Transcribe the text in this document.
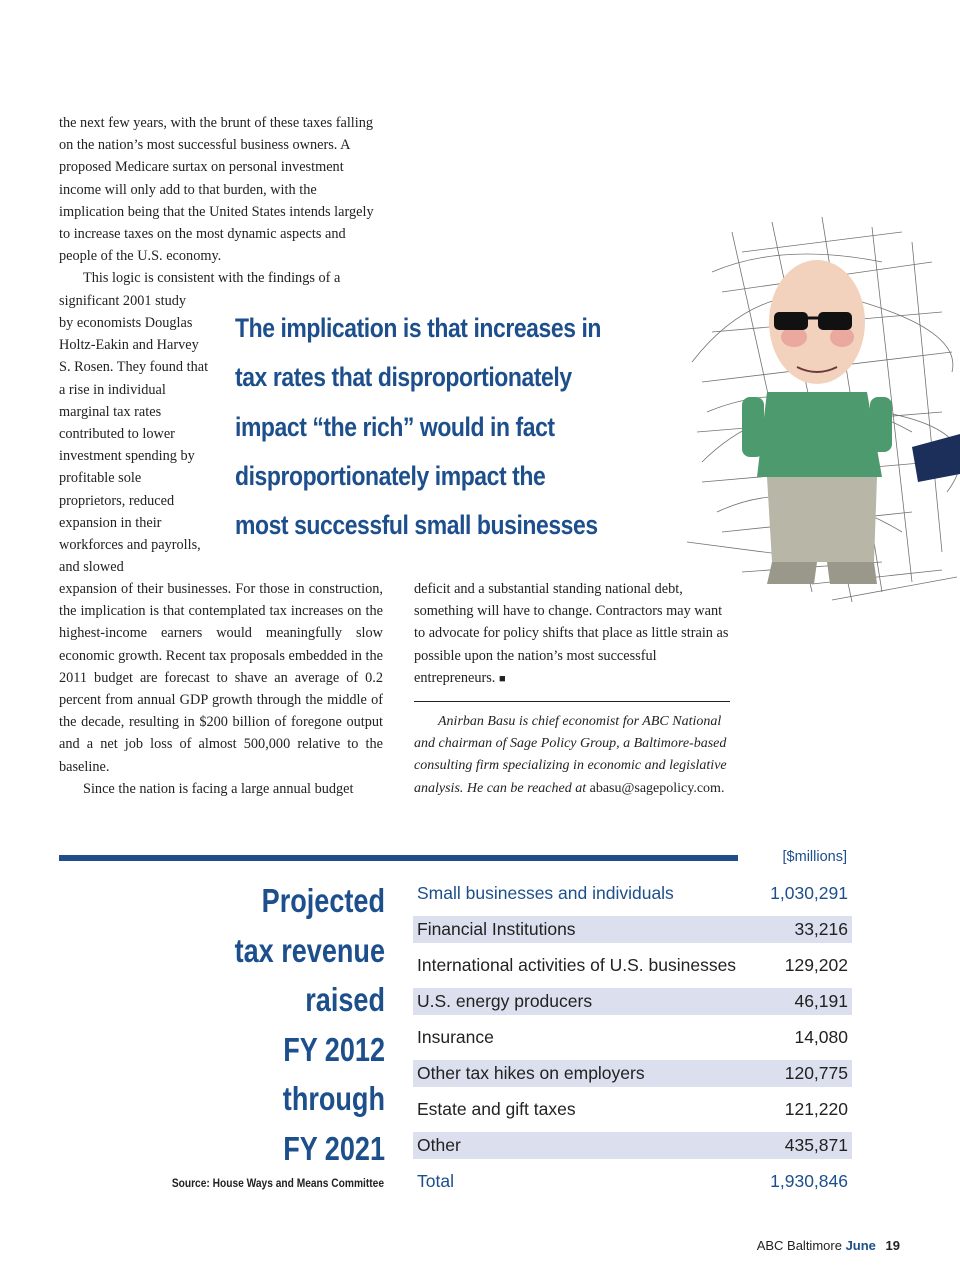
the next few years, with the brunt of these taxes falling on the nation’s most successful business owners. A proposed Medicare surtax on personal investment income will only add to that burden, with the implication being that the United States intends largely to increase taxes on the most dynamic aspects and people of the U.S. economy.

This logic is consistent with the findings of a significant 2001 study

by economists Douglas Holtz-Eakin and Harvey S. Rosen. They found that a rise in individual marginal tax rates contributed to lower investment spending by profitable sole proprietors, reduced expansion in their workforces and payrolls, and slowed

expansion of their businesses. For those in construction, the implication is that contemplated tax increases on the highest-income earners would meaningfully slow economic growth. Recent tax proposals embedded in the 2011 budget are forecast to shave an average of 0.2 percent from annual GDP growth through the middle of the decade, resulting in $200 billion of foregone output and a net job loss of almost 500,000 relative to the baseline.

Since the nation is facing a large annual budget

deficit and a substantial standing national debt, something will have to change. Contractors may want to advocate for policy shifts that place as little strain as possible upon the nation’s most successful entrepreneurs. ■

Anirban Basu is chief economist for ABC National and chairman of Sage Policy Group, a Baltimore-based consulting firm specializing in economic and legislative analysis. He can be reached at abasu@sagepolicy.com.
The implication is that increases in
tax rates that disproportionately
impact “the rich” would in fact
disproportionately impact the
most successful small businesses
[$millions]
Projected
tax revenue
raised
FY 2012
through
FY 2021
Source: House Ways and Means Committee
Small businesses and individuals	1,030,291
Financial Institutions	33,216
International activities of U.S. businesses	129,202
U.S. energy producers	46,191
Insurance	14,080
Other tax hikes on employers	120,775
Estate and gift taxes	121,220
Other	435,871
Total	1,930,846
ABC Baltimore June 19
